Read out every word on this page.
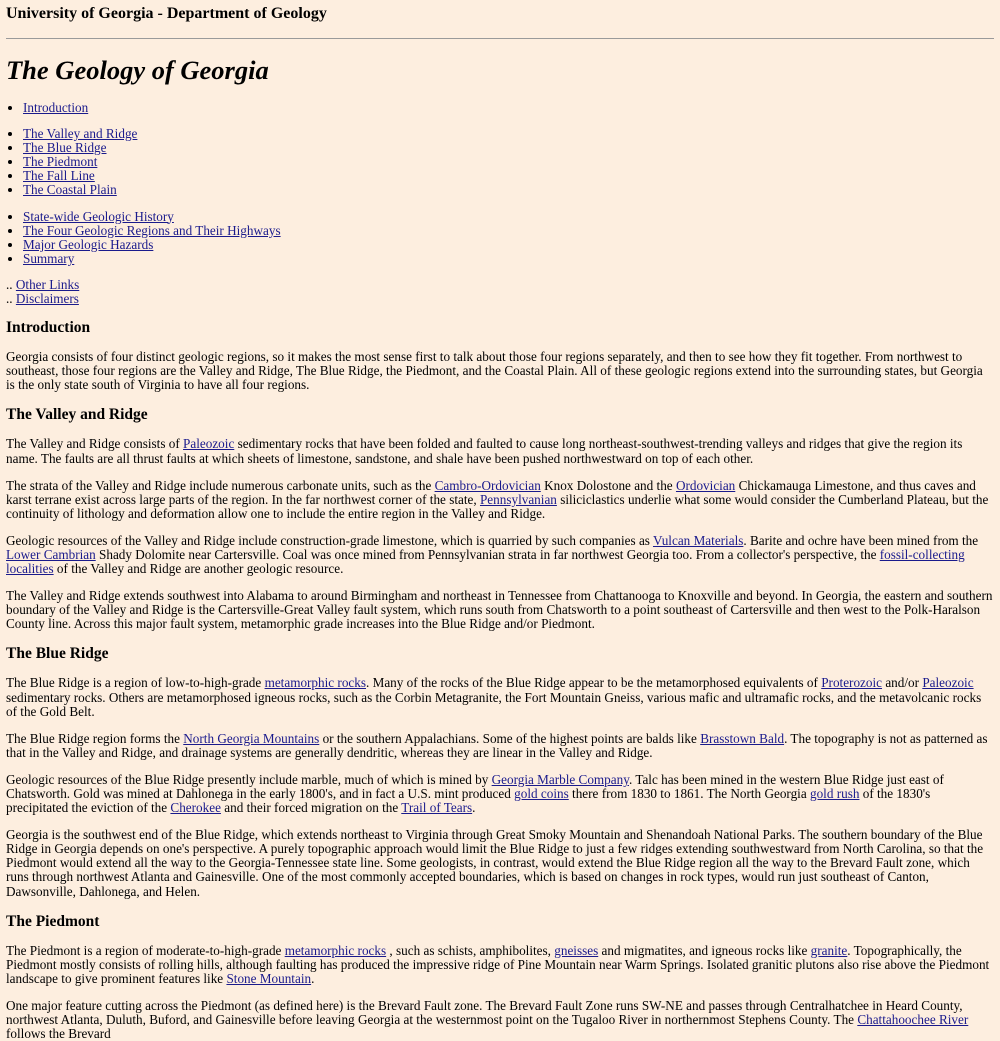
University of Georgia - Department of Geology
The Geology of Georgia
• Introduction
• The Valley and Ridge
• The Blue Ridge
• The Piedmont
• The Fall Line
• The Coastal Plain
• State-wide Geologic History
• The Four Geologic Regions and Their Highways
• Major Geologic Hazards
• Summary
.. Other Links
.. Disclaimers
Introduction

Georgia consists of four distinct geologic regions, so it makes the most sense first to talk about those four regions separately, and then to see how they fit together. From northwest to southeast, those four regions are the Valley and Ridge, The Blue Ridge, the Piedmont, and the Coastal Plain. All of these geologic regions extend into the surrounding states, but Georgia is the only state south of Virginia to have all four regions.

The Valley and Ridge

The Valley and Ridge consists of Paleozoic sedimentary rocks that have been folded and faulted to cause long northeast-southwest-trending valleys and ridges that give the region its name. The faults are all thrust faults at which sheets of limestone, sandstone, and shale have been pushed northwestward on top of each other.

The strata of the Valley and Ridge include numerous carbonate units, such as the Cambro-Ordovician Knox Dolostone and the Ordovician Chickamauga Limestone, and thus caves and karst terrane exist across large parts of the region. In the far northwest corner of the state, Pennsylvanian siliciclastics underlie what some would consider the Cumberland Plateau, but the continuity of lithology and deformation allow one to include the entire region in the Valley and Ridge.

Geologic resources of the Valley and Ridge include construction-grade limestone, which is quarried by such companies as Vulcan Materials. Barite and ochre have been mined from the Lower Cambrian Shady Dolomite near Cartersville. Coal was once mined from Pennsylvanian strata in far northwest Georgia too. From a collector's perspective, the fossil-collecting localities of the Valley and Ridge are another geologic resource.

The Valley and Ridge extends southwest into Alabama to around Birmingham and northeast in Tennessee from Chattanooga to Knoxville and beyond. In Georgia, the eastern and southern boundary of the Valley and Ridge is the Cartersville-Great Valley fault system, which runs south from Chatsworth to a point southeast of Cartersville and then west to the Polk-Haralson County line. Across this major fault system, metamorphic grade increases into the Blue Ridge and/or Piedmont.

The Blue Ridge

The Blue Ridge is a region of low-to-high-grade metamorphic rocks. Many of the rocks of the Blue Ridge appear to be the metamorphosed equivalents of Proterozoic and/or Paleozoic sedimentary rocks. Others are metamorphosed igneous rocks, such as the Corbin Metagranite, the Fort Mountain Gneiss, various mafic and ultramafic rocks, and the metavolcanic rocks of the Gold Belt.

The Blue Ridge region forms the North Georgia Mountains or the southern Appalachians. Some of the highest points are balds like Brasstown Bald. The topography is not as patterned as that in the Valley and Ridge, and drainage systems are generally dendritic, whereas they are linear in the Valley and Ridge.

Geologic resources of the Blue Ridge presently include marble, much of which is mined by Georgia Marble Company. Talc has been mined in the western Blue Ridge just east of Chatsworth. Gold was mined at Dahlonega in the early 1800's, and in fact a U.S. mint produced gold coins there from 1830 to 1861. The North Georgia gold rush of the 1830's precipitated the eviction of the Cherokee and their forced migration on the Trail of Tears.

Georgia is the southwest end of the Blue Ridge, which extends northeast to Virginia through Great Smoky Mountain and Shenandoah National Parks. The southern boundary of the Blue Ridge in Georgia depends on one's perspective. A purely topographic approach would limit the Blue Ridge to just a few ridges extending southwestward from North Carolina, so that the Piedmont would extend all the way to the Georgia-Tennessee state line. Some geologists, in contrast, would extend the Blue Ridge region all the way to the Brevard Fault zone, which runs through northwest Atlanta and Gainesville. One of the most commonly accepted boundaries, which is based on changes in rock types, would run just southeast of Canton, Dawsonville, Dahlonega, and Helen.

The Piedmont

The Piedmont is a region of moderate-to-high-grade metamorphic rocks , such as schists, amphibolites, gneisses and migmatites, and igneous rocks like granite. Topographically, the Piedmont mostly consists of rolling hills, although faulting has produced the impressive ridge of Pine Mountain near Warm Springs. Isolated granitic plutons also rise above the Piedmont landscape to give prominent features like Stone Mountain.

One major feature cutting across the Piedmont (as defined here) is the Brevard Fault zone. The Brevard Fault Zone runs SW-NE and passes through Centralhatchee in Heard County, northwest Atlanta, Duluth, Buford, and Gainesville before leaving Georgia at the westernmost point on the Tugaloo River in northernmost Stephens County. The Chattahoochee River follows the Brevard
